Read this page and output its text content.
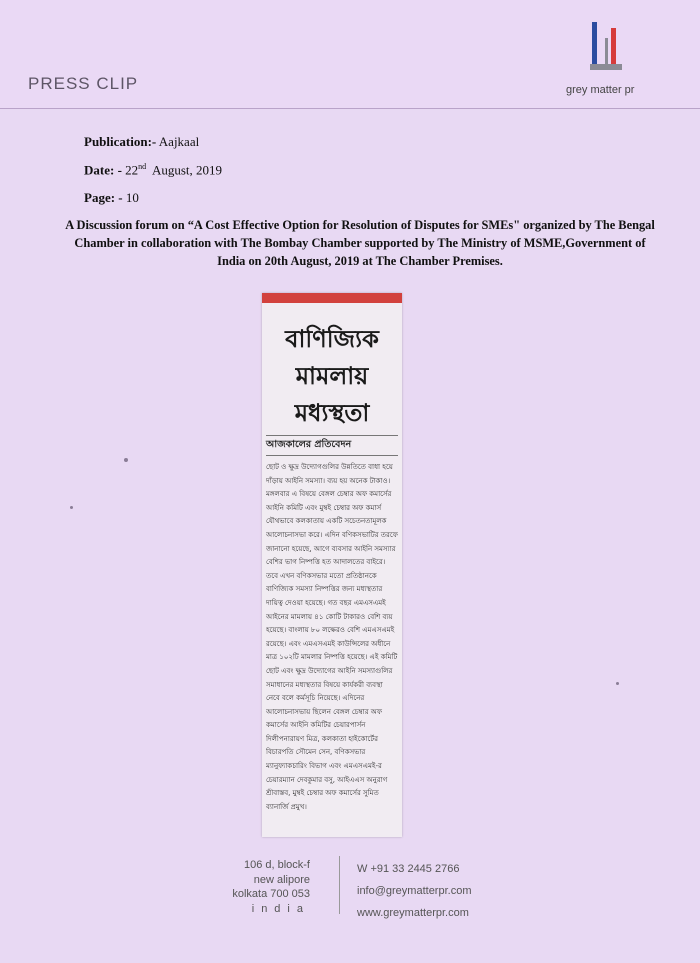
PRESS CLIP	grey matter pr
Publication:- Aajkaal
Date: - 22nd August, 2019
Page: - 10
A Discussion forum on “A Cost Effective Option for Resolution of Disputes for SMEs" organized by The Bengal Chamber in collaboration with The Bombay Chamber supported by The Ministry of MSME,Government of India on 20th August, 2019 at The Chamber Premises.
বাণিজ্যিক
মামলায়
মধ্যস্থতা
আজকালের প্রতিবেদন
ছোট ও ক্ষুদ্র উদ্যোগগুলির উন্নতিতে বাধা হয়ে দাঁড়ায় আইনি সমস্যা। ব্যয় হয় অনেক টাকাও। মঙ্গলবার এ বিষয়ে বেঙ্গল চেম্বার অফ কমার্সের আইনি কমিটি এবং মুম্বই চেম্বার অফ কমার্স যৌথভাবে কলকাতায় একটি সচেতনতামূলক আলোচনাসভা করে। এদিন বণিকসভাটির তরফে জানানো হয়েছে, আগে ব্যবসার আইনি সমস্যার বেশির ভাগ নিষ্পত্তি হত আদালতের বাইরে। তবে এখন বণিকসভার মতো প্রতিষ্ঠানকে বাণিজ্যিক সমস্যা নিষ্পত্তির জন্য মধ্যস্থতার দায়িত্ব দেওয়া হয়েছে। গত বছর এমএসএমই আইনের মামলায় ৪১ কোটি টাকারও বেশি ব্যয় হয়েছে। বাংলায় ৮০ লক্ষেরও বেশি এমএসএমই রয়েছে। এবং এমএসএমই কাউন্সিলের অধীনে মাত্র ১০২টি মামলার নিষ্পত্তি হয়েছে। এই কমিটি ছোট এবং ক্ষুদ্র উদ্যোগের আইনি সমস্যাগুলির সমাধানের মধ্যস্থতার বিষয়ে কার্যকরী ব্যবস্থা নেবে বলে কর্মসূচি নিয়েছে। এদিনের আলোচনাসভায় ছিলেন বেঙ্গল চেম্বার অফ কমার্সের আইনি কমিটির চেয়ারপার্সন দিলীপনারায়ণ মিত্র, কলকাতা হাইকোর্টের বিচারপতি সৌমেন সেন, বণিকসভার ম্যানুফ্যাকচারিং বিভাগ এবং এমএসএমই-র চেয়ারম্যান দেবকুমার বসু, আইএএস অনুরাগ শ্রীবাস্তব, মুম্বই চেম্বার অফ কমার্সের সুমিত ব্যানার্জি প্রমুখ।
106 d, block-f
new alipore
kolkata 700 053
india
W +91 33 2445 2766
info@greymatterpr.com
www.greymatterpr.com
